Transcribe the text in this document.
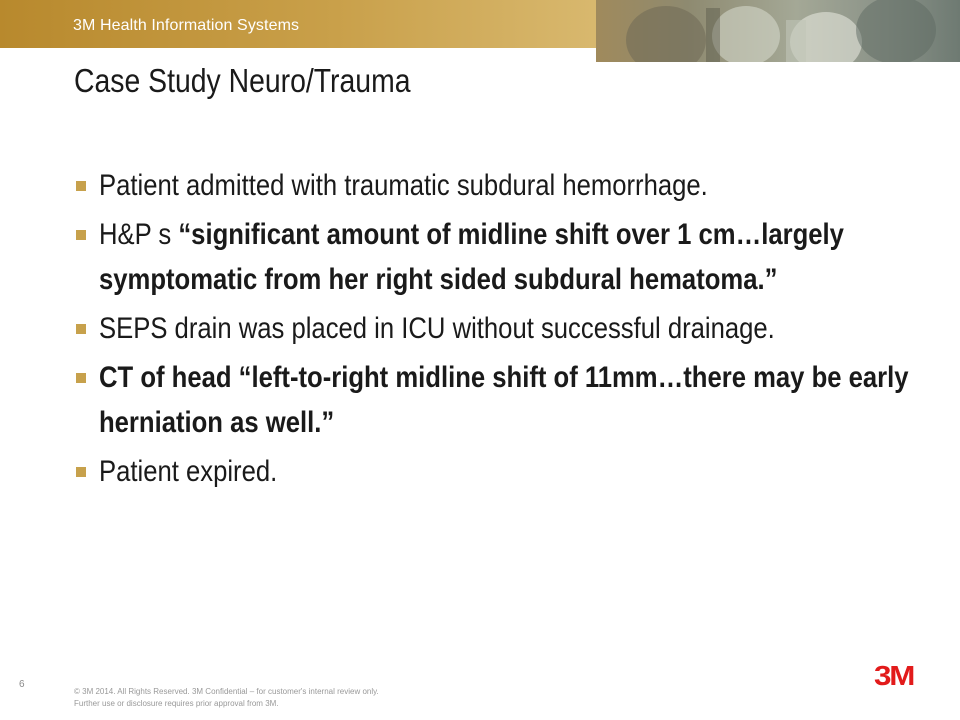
3M Health Information Systems
Case Study Neuro/Trauma
Patient admitted with traumatic subdural hemorrhage.
H&P s “significant amount of midline shift over 1 cm…largely symptomatic from her right sided subdural hematoma.”
SEPS drain was placed in ICU without successful drainage.
CT of head “left-to-right midline shift of 11mm…there may be early herniation as well.”
Patient expired.
6
© 3M 2014. All Rights Reserved. 3M Confidential – for customer's internal review only.
Further use or disclosure requires prior approval from 3M.
3M
